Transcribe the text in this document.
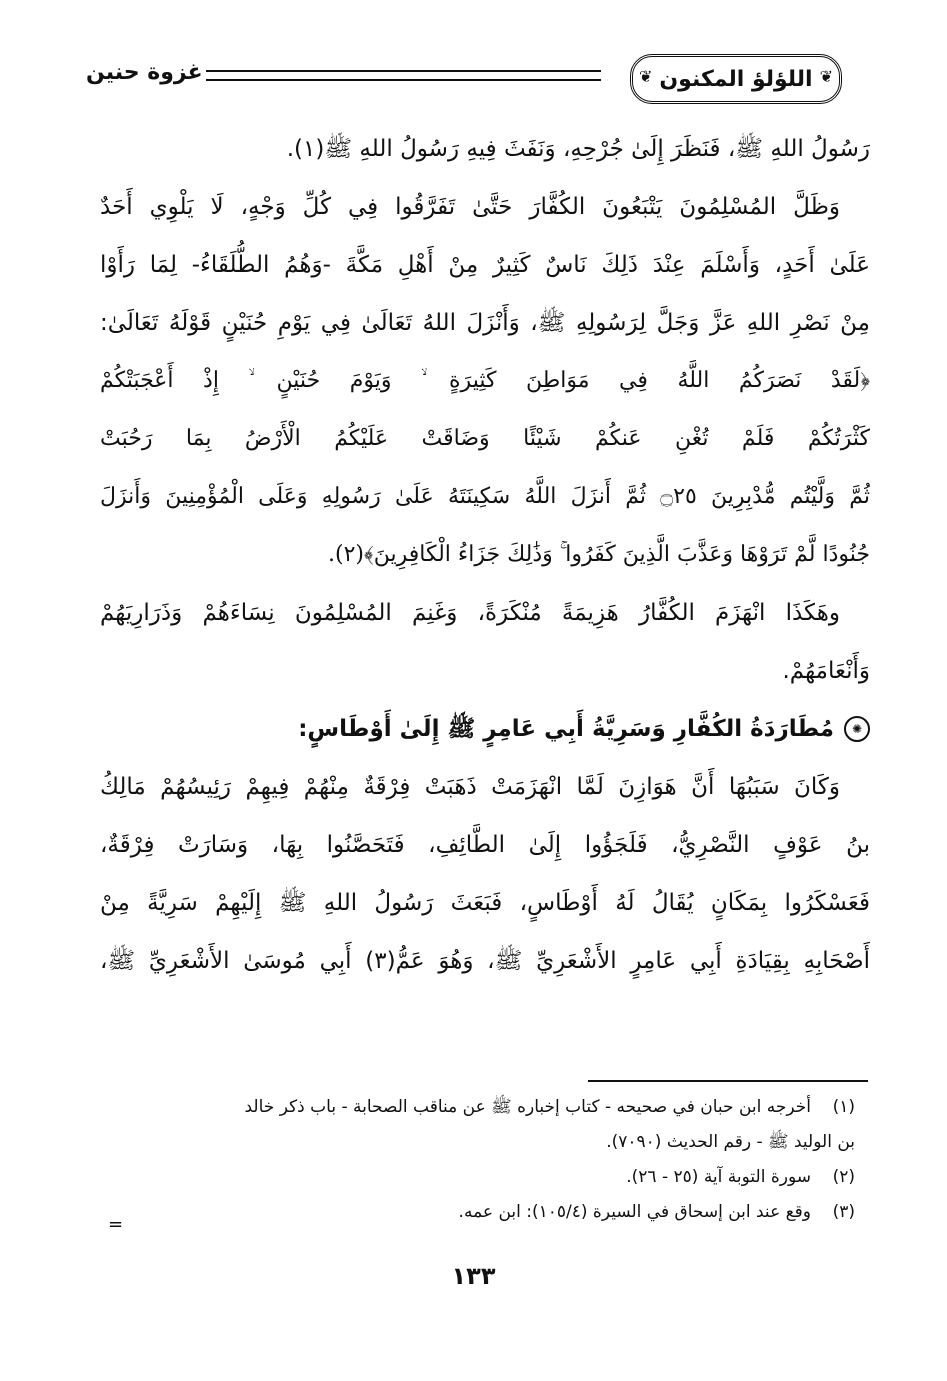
❦
اللؤلؤ المكنون
❦
غزوة حنين
رَسُولُ اللهِ ﷺ، فَنَظَرَ إِلَىٰ جُرْحِهِ، وَنَفَثَ فِيهِ رَسُولُ اللهِ ﷺ(١).
وَظَلَّ المُسْلِمُونَ يَتْبَعُونَ الكُفَّارَ حَتَّىٰ تَفَرَّقُوا فِي كُلِّ وَجْهٍ، لَا يَلْوِي أَحَدٌ
عَلَىٰ أَحَدٍ، وَأَسْلَمَ عِنْدَ ذَلِكَ نَاسٌ كَثِيرٌ مِنْ أَهْلِ مَكَّةَ -وَهُمُ الطُّلَقَاءُ- لِمَا رَأَوْا
مِنْ نَصْرِ اللهِ عَزَّ وَجَلَّ لِرَسُولِهِ ﷺ، وَأَنْزَلَ اللهُ تَعَالَىٰ فِي يَوْمِ حُنَيْنٍ قَوْلَهُ تَعَالَىٰ:
﴿لَقَدْ نَصَرَكُمُ اللَّهُ فِي مَوَاطِنَ كَثِيرَةٍ ۙ وَيَوْمَ حُنَيْنٍ ۙ إِذْ أَعْجَبَتْكُمْ
كَثْرَتُكُمْ فَلَمْ تُغْنِ عَنكُمْ شَيْئًا وَضَاقَتْ عَلَيْكُمُ الْأَرْضُ بِمَا رَحُبَتْ
ثُمَّ وَلَّيْتُم مُّدْبِرِينَ ۝٢٥ ثُمَّ أَنزَلَ اللَّهُ سَكِينَتَهُ عَلَىٰ رَسُولِهِ وَعَلَى الْمُؤْمِنِينَ وَأَنزَلَ
جُنُودًا لَّمْ تَرَوْهَا وَعَذَّبَ الَّذِينَ كَفَرُوا ۚ وَذَٰلِكَ جَزَاءُ الْكَافِرِينَ﴾(٢).
وهَكَذَا انْهَزَمَ الكُفَّارُ هَزِيمَةً مُنْكَرَةً، وَغَنِمَ المُسْلِمُونَ نِسَاءَهُمْ وَذَرَارِيَهُمْ
وَأَنْعَامَهُمْ.
✺
مُطَارَدَةُ الكُفَّارِ وَسَرِيَّةُ أَبِي عَامِرٍ ﷺ إِلَىٰ أَوْطَاسٍ:
وَكَانَ سَبَبُهَا أَنَّ هَوَازِنَ لَمَّا انْهَزَمَتْ ذَهَبَتْ فِرْقَةٌ مِنْهُمْ فِيهِمْ رَئِيسُهُمْ مَالِكُ
بنُ عَوْفٍ النَّصْرِيُّ، فَلَجَؤُوا إِلَىٰ الطَّائِفِ، فَتَحَصَّنُوا بِهَا، وَسَارَتْ فِرْقَةٌ،
فَعَسْكَرُوا بِمَكَانٍ يُقَالُ لَهُ أَوْطَاسٍ، فَبَعَثَ رَسُولُ اللهِ ﷺ إِلَيْهِمْ سَرِيَّةً مِنْ
أَصْحَابِهِ بِقِيَادَةِ أَبِي عَامِرٍ الأَشْعَرِيِّ ﷺ، وَهُوَ عَمُّ(٣) أَبِي مُوسَىٰ الأَشْعَرِيِّ ﷺ،
(١)أخرجه ابن حبان في صحيحه - كتاب إخباره ﷺ عن مناقب الصحابة - باب ذكر خالد
بن الوليد ﷺ - رقم الحديث (٧٠٩٠).
(٢)سورة التوبة آية (٢٥ - ٢٦).
(٣)وقع عند ابن إسحاق في السيرة (١٠٥/٤): ابن عمه.
=
١٣٣
